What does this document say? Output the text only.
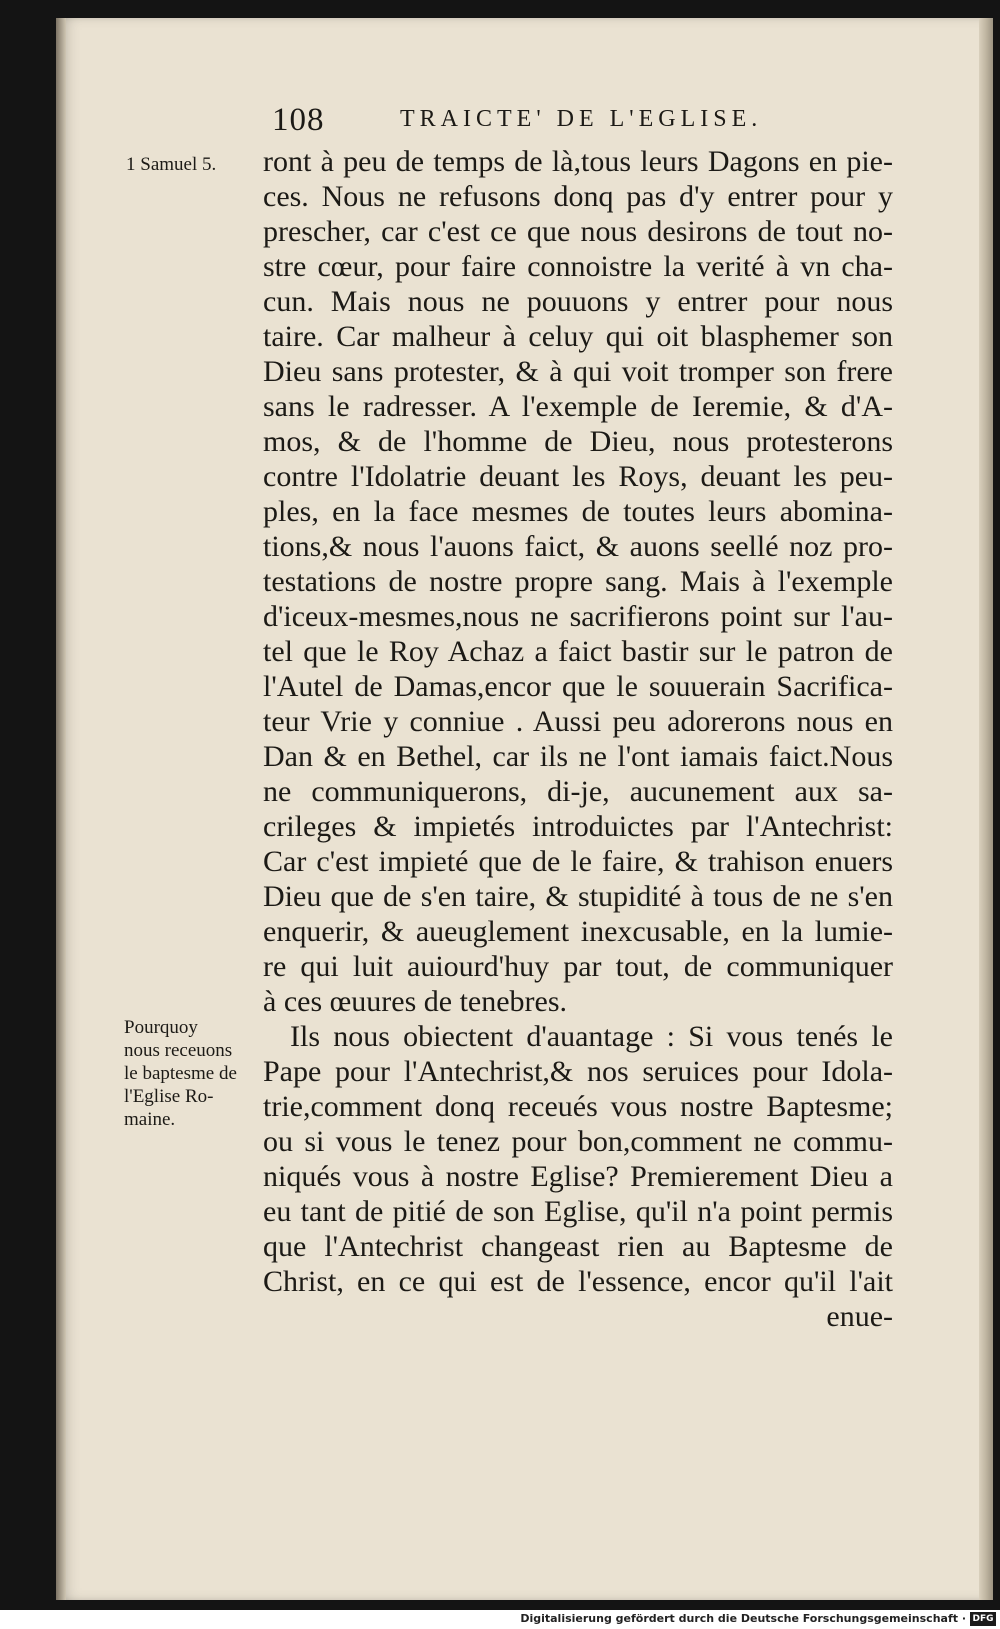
108	TRAICTE' DE L'EGLISE.
1 Samuel 5.
Pourquoy
nous receuons
le baptesme de
l'Eglise Ro-
maine.
ront à peu de temps de là,tous leurs Dagons en pie-
ces. Nous ne refusons donq pas d'y entrer pour y
prescher, car c'est ce que nous desirons de tout no-
stre cœur, pour faire connoistre la verité à vn cha-
cun. Mais nous ne pouuons y entrer pour nous
taire. Car malheur à celuy qui oit blasphemer son
Dieu sans protester, & à qui voit tromper son frere
sans le radresser. A l'exemple de Ieremie, & d'A-
mos, & de l'homme de Dieu, nous protesterons
contre l'Idolatrie deuant les Roys, deuant les peu-
ples, en la face mesmes de toutes leurs abomina-
tions,& nous l'auons faict, & auons seellé noz pro-
testations de nostre propre sang. Mais à l'exemple
d'iceux-mesmes,nous ne sacrifierons point sur l'au-
tel que le Roy Achaz a faict bastir sur le patron de
l'Autel de Damas,encor que le souuerain Sacrifica-
teur Vrie y conniue . Aussi peu adorerons nous en
Dan & en Bethel, car ils ne l'ont iamais faict.Nous
ne communiquerons, di-je, aucunement aux sa-
crileges & impietés introduictes par l'Antechrist:
Car c'est impieté que de le faire, & trahison enuers
Dieu que de s'en taire, & stupidité à tous de ne s'en
enquerir, & aueuglement inexcusable, en la lumie-
re qui luit auiourd'huy par tout, de communiquer
à ces œuures de tenebres.
Ils nous obiectent d'auantage : Si vous tenés le
Pape pour l'Antechrist,& nos seruices pour Idola-
trie,comment donq receués vous nostre Baptesme;
ou si vous le tenez pour bon,comment ne commu-
niqués vous à nostre Eglise? Premierement Dieu a
eu tant de pitié de son Eglise, qu'il n'a point permis
que l'Antechrist changeast rien au Baptesme de
Christ, en ce qui est de l'essence, encor qu'il l'ait
enue-
Digitalisierung gefördert durch die Deutsche Forschungsgemeinschaft · DFG
